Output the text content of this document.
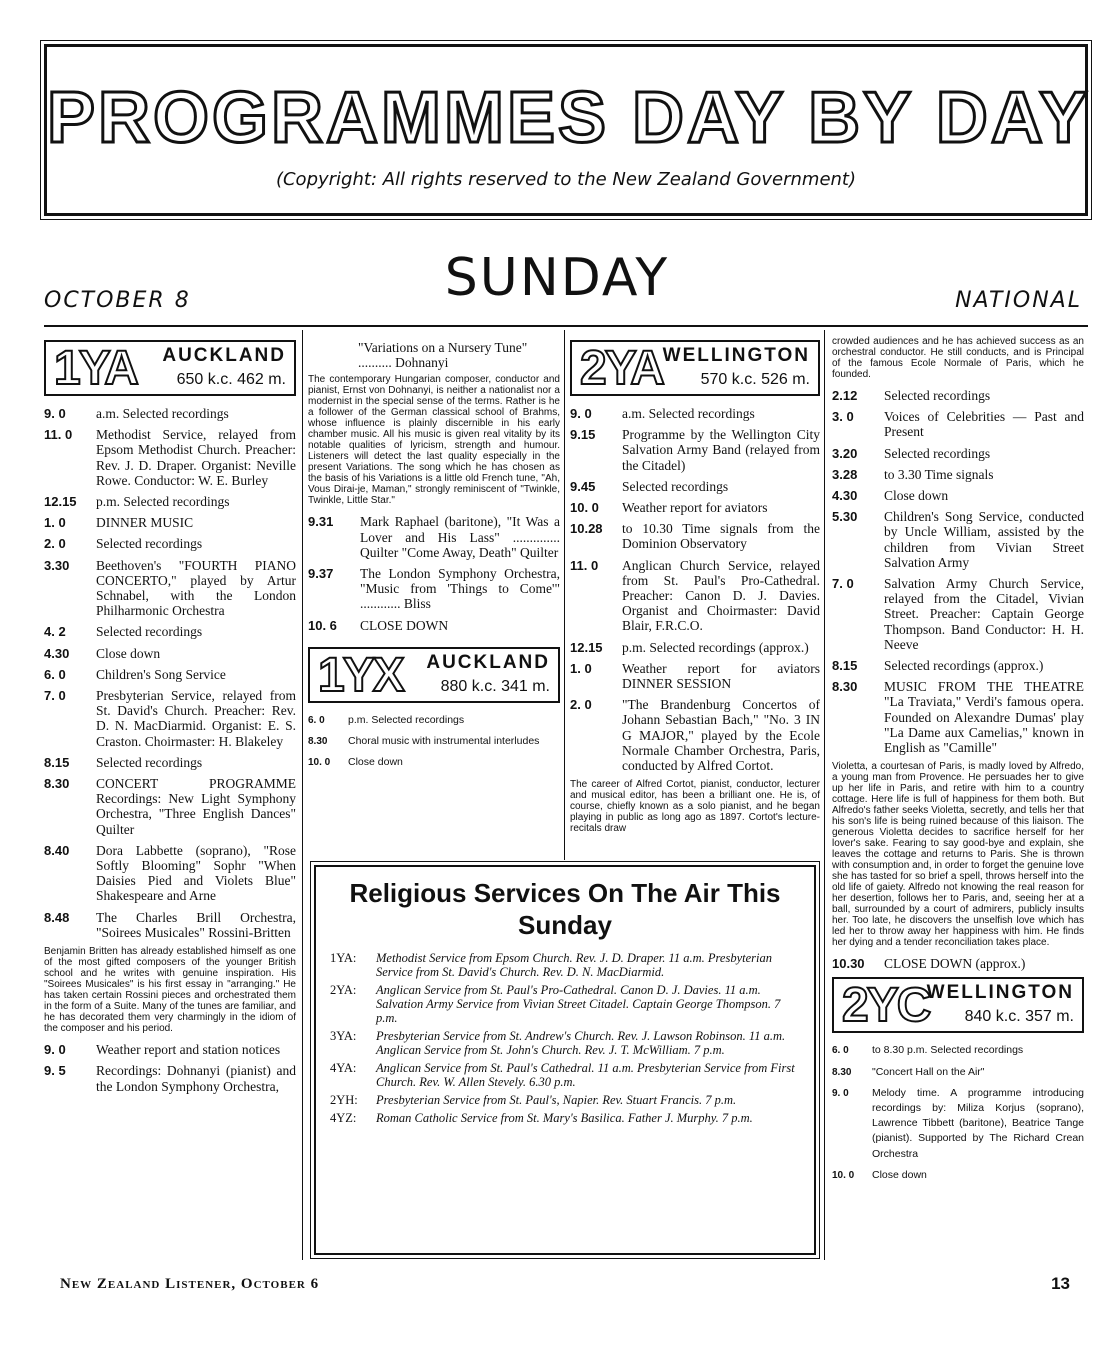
PROGRAMMES DAY BY DAY
(Copyright: All rights reserved to the New Zealand Government)
OCTOBER 8	SUNDAY	NATIONAL
1YA AUCKLAND
650 k.c. 462 m.
9. 0	a.m. Selected recordings
11. 0	Methodist Service, relayed from Epsom Methodist Church. Preacher: Rev. J. D. Draper. Organist: Neville Rowe. Conductor: W. E. Burley
12.15	p.m. Selected recordings
1. 0	DINNER MUSIC
2. 0	Selected recordings
3.30	Beethoven's "FOURTH PIANO CONCERTO," played by Artur Schnabel, with the London Philharmonic Orchestra
4. 2	Selected recordings
4.30	Close down
6. 0	Children's Song Service
7. 0	Presbyterian Service, relayed from St. David's Church. Preacher: Rev. D. N. MacDiarmid. Organist: E. S. Craston. Choirmaster: H. Blakeley
8.15	Selected recordings
8.30	CONCERT PROGRAMME Recordings: New Light Symphony Orchestra, "Three English Dances" Quilter
8.40	Dora Labbette (soprano), "Rose Softly Blooming" Sophr "When Daisies Pied and Violets Blue" Shakespeare and Arne
8.48	The Charles Brill Orchestra, "Soirees Musicales" Rossini-Britten
Benjamin Britten has already established himself as one of the most gifted composers of the younger British school and he writes with genuine inspiration. His "Soirees Musicales" is his first essay in "arranging." He has taken certain Rossini pieces and orchestrated them in the form of a Suite. Many of the tunes are familiar, and he has decorated them very charmingly in the idiom of the composer and his period.
9. 0	Weather report and station notices
9. 5	Recordings: Dohnanyi (pianist) and the London Symphony Orchestra,
"Variations on a Nursery Tune" .......... Dohnanyi
The contemporary Hungarian composer, conductor and pianist, Ernst von Dohnanyi, is neither a nationalist nor a modernist in the special sense of the terms. Rather is he a follower of the German classical school of Brahms, whose influence is plainly discernible in his early chamber music. All his music is given real vitality by its notable qualities of lyricism, strength and humour. Listeners will detect the last quality especially in the present Variations. The song which he has chosen as the basis of his Variations is a little old French tune, "Ah, Vous Dirai-je, Maman," strongly reminiscent of "Twinkle, Twinkle, Little Star."
9.31	Mark Raphael (baritone), "It Was a Lover and His Lass" .............. Quilter "Come Away, Death" Quilter
9.37	The London Symphony Orchestra, "Music from 'Things to Come'" ............ Bliss
10. 6	CLOSE DOWN
1YX AUCKLAND
880 k.c. 341 m.
6. 0	p.m. Selected recordings
8.30	Choral music with instrumental interludes
10. 0	Close down
2YA WELLINGTON
570 k.c. 526 m.
9. 0	a.m. Selected recordings
9.15	Programme by the Wellington City Salvation Army Band (relayed from the Citadel)
9.45	Selected recordings
10. 0	Weather report for aviators
10.28	to 10.30 Time signals from the Dominion Observatory
11. 0	Anglican Church Service, relayed from St. Paul's Pro-Cathedral. Preacher: Canon D. J. Davies. Organist and Choirmaster: David Blair, F.R.C.O.
12.15	p.m. Selected recordings (approx.)
1. 0	Weather report for aviators DINNER SESSION
2. 0	"The Brandenburg Concertos of Johann Sebastian Bach," "No. 3 IN G MAJOR," played by the Ecole Normale Chamber Orchestra, Paris, conducted by Alfred Cortot.
The career of Alfred Cortot, pianist, conductor, lecturer and musical editor, has been a brilliant one. He is, of course, chiefly known as a solo pianist, and he began playing in public as long ago as 1897. Cortot's lecture-recitals draw
Religious Services On The Air This Sunday
1YA:	Methodist Service from Epsom Church. Rev. J. D. Draper. 11 a.m. Presbyterian Service from St. David's Church. Rev. D. N. MacDiarmid.
2YA:	Anglican Service from St. Paul's Pro-Cathedral. Canon D. J. Davies. 11 a.m. Salvation Army Service from Vivian Street Citadel. Captain George Thompson. 7 p.m.
3YA:	Presbyterian Service from St. Andrew's Church. Rev. J. Lawson Robinson. 11 a.m. Anglican Service from St. John's Church. Rev. J. T. McWilliam. 7 p.m.
4YA:	Anglican Service from St. Paul's Cathedral. 11 a.m. Presbyterian Service from First Church. Rev. W. Allen Stevely. 6.30 p.m.
2YH:	Presbyterian Service from St. Paul's, Napier. Rev. Stuart Francis. 7 p.m.
4YZ:	Roman Catholic Service from St. Mary's Basilica. Father J. Murphy. 7 p.m.
crowded audiences and he has achieved success as an orchestral conductor. He still conducts, and is Principal of the famous Ecole Normale of Paris, which he founded.
2.12	Selected recordings
3. 0	Voices of Celebrities — Past and Present
3.20	Selected recordings
3.28	to 3.30 Time signals
4.30	Close down
5.30	Children's Song Service, conducted by Uncle William, assisted by the children from Vivian Street Salvation Army
7. 0	Salvation Army Church Service, relayed from the Citadel, Vivian Street. Preacher: Captain George Thompson. Band Conductor: H. H. Neeve
8.15	Selected recordings (approx.)
8.30	MUSIC FROM THE THEATRE "La Traviata," Verdi's famous opera. Founded on Alexandre Dumas' play "La Dame aux Camelias," known in English as "Camille"
Violetta, a courtesan of Paris, is madly loved by Alfredo, a young man from Provence. He persuades her to give up her life in Paris, and retire with him to a country cottage. Here life is full of happiness for them both. But Alfredo's father seeks Violetta, secretly, and tells her that his son's life is being ruined because of this liaison. The generous Violetta decides to sacrifice herself for her lover's sake. Fearing to say good-bye and explain, she leaves the cottage and returns to Paris. She is thrown with consumption and, in order to forget the genuine love she has tasted for so brief a spell, throws herself into the old life of gaiety. Alfredo not knowing the real reason for her desertion, follows her to Paris, and, seeing her at a ball, surrounded by a court of admirers, publicly insults her. Too late, he discovers the unselfish love which has led her to throw away her happiness with him. He finds her dying and a tender reconciliation takes place.
10.30	CLOSE DOWN (approx.)
2YC
WELLINGTON
840 k.c. 357 m.
6. 0	to 8.30 p.m. Selected recordings
8.30	"Concert Hall on the Air"
9. 0	Melody time. A programme introducing recordings by: Miliza Korjus (soprano), Lawrence Tibbett (baritone), Beatrice Tange (pianist). Supported by The Richard Crean Orchestra
10. 0	Close down
New Zealand Listener, October 6	13
